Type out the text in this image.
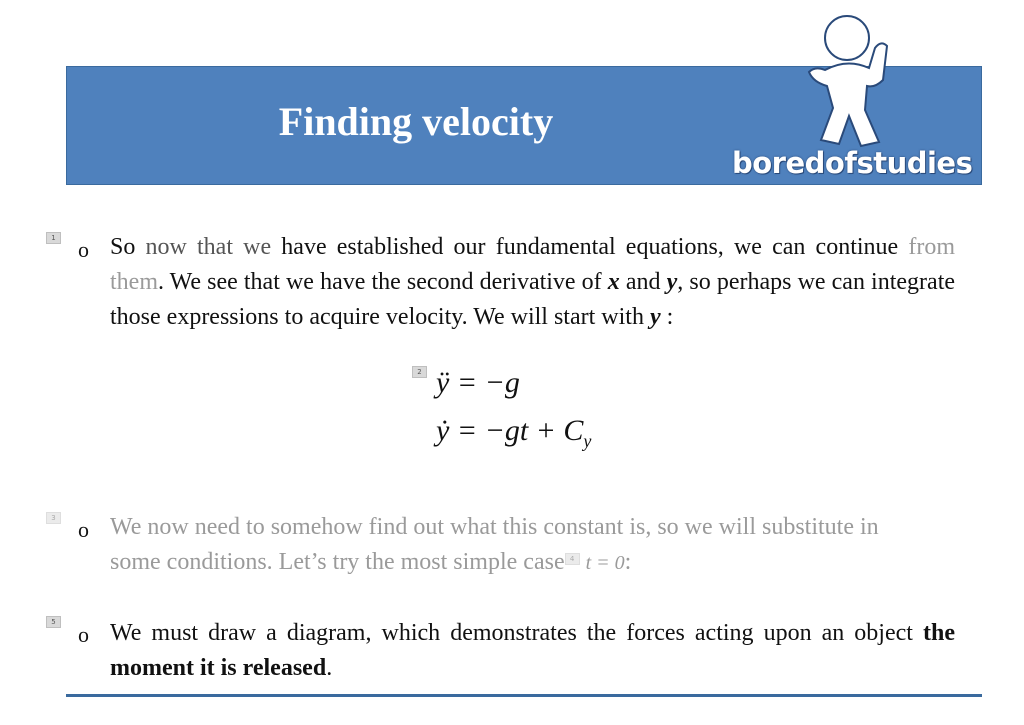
Finding velocity
boredofstudies
1 o So now that we have established our fundamental equations, we can continue from them. We see that we have the second derivative of x and y, so perhaps we can integrate those expressions to acquire velocity. We will start with y :
2 ÿ = −g
ẏ = $-gt + C_y$
3 o We now need to somehow find out what this constant is, so we will substitute in some conditions. Let’s try the most simple case 4 t = 0:
5 o We must draw a diagram, which demonstrates the forces acting upon an object the moment it is released.
